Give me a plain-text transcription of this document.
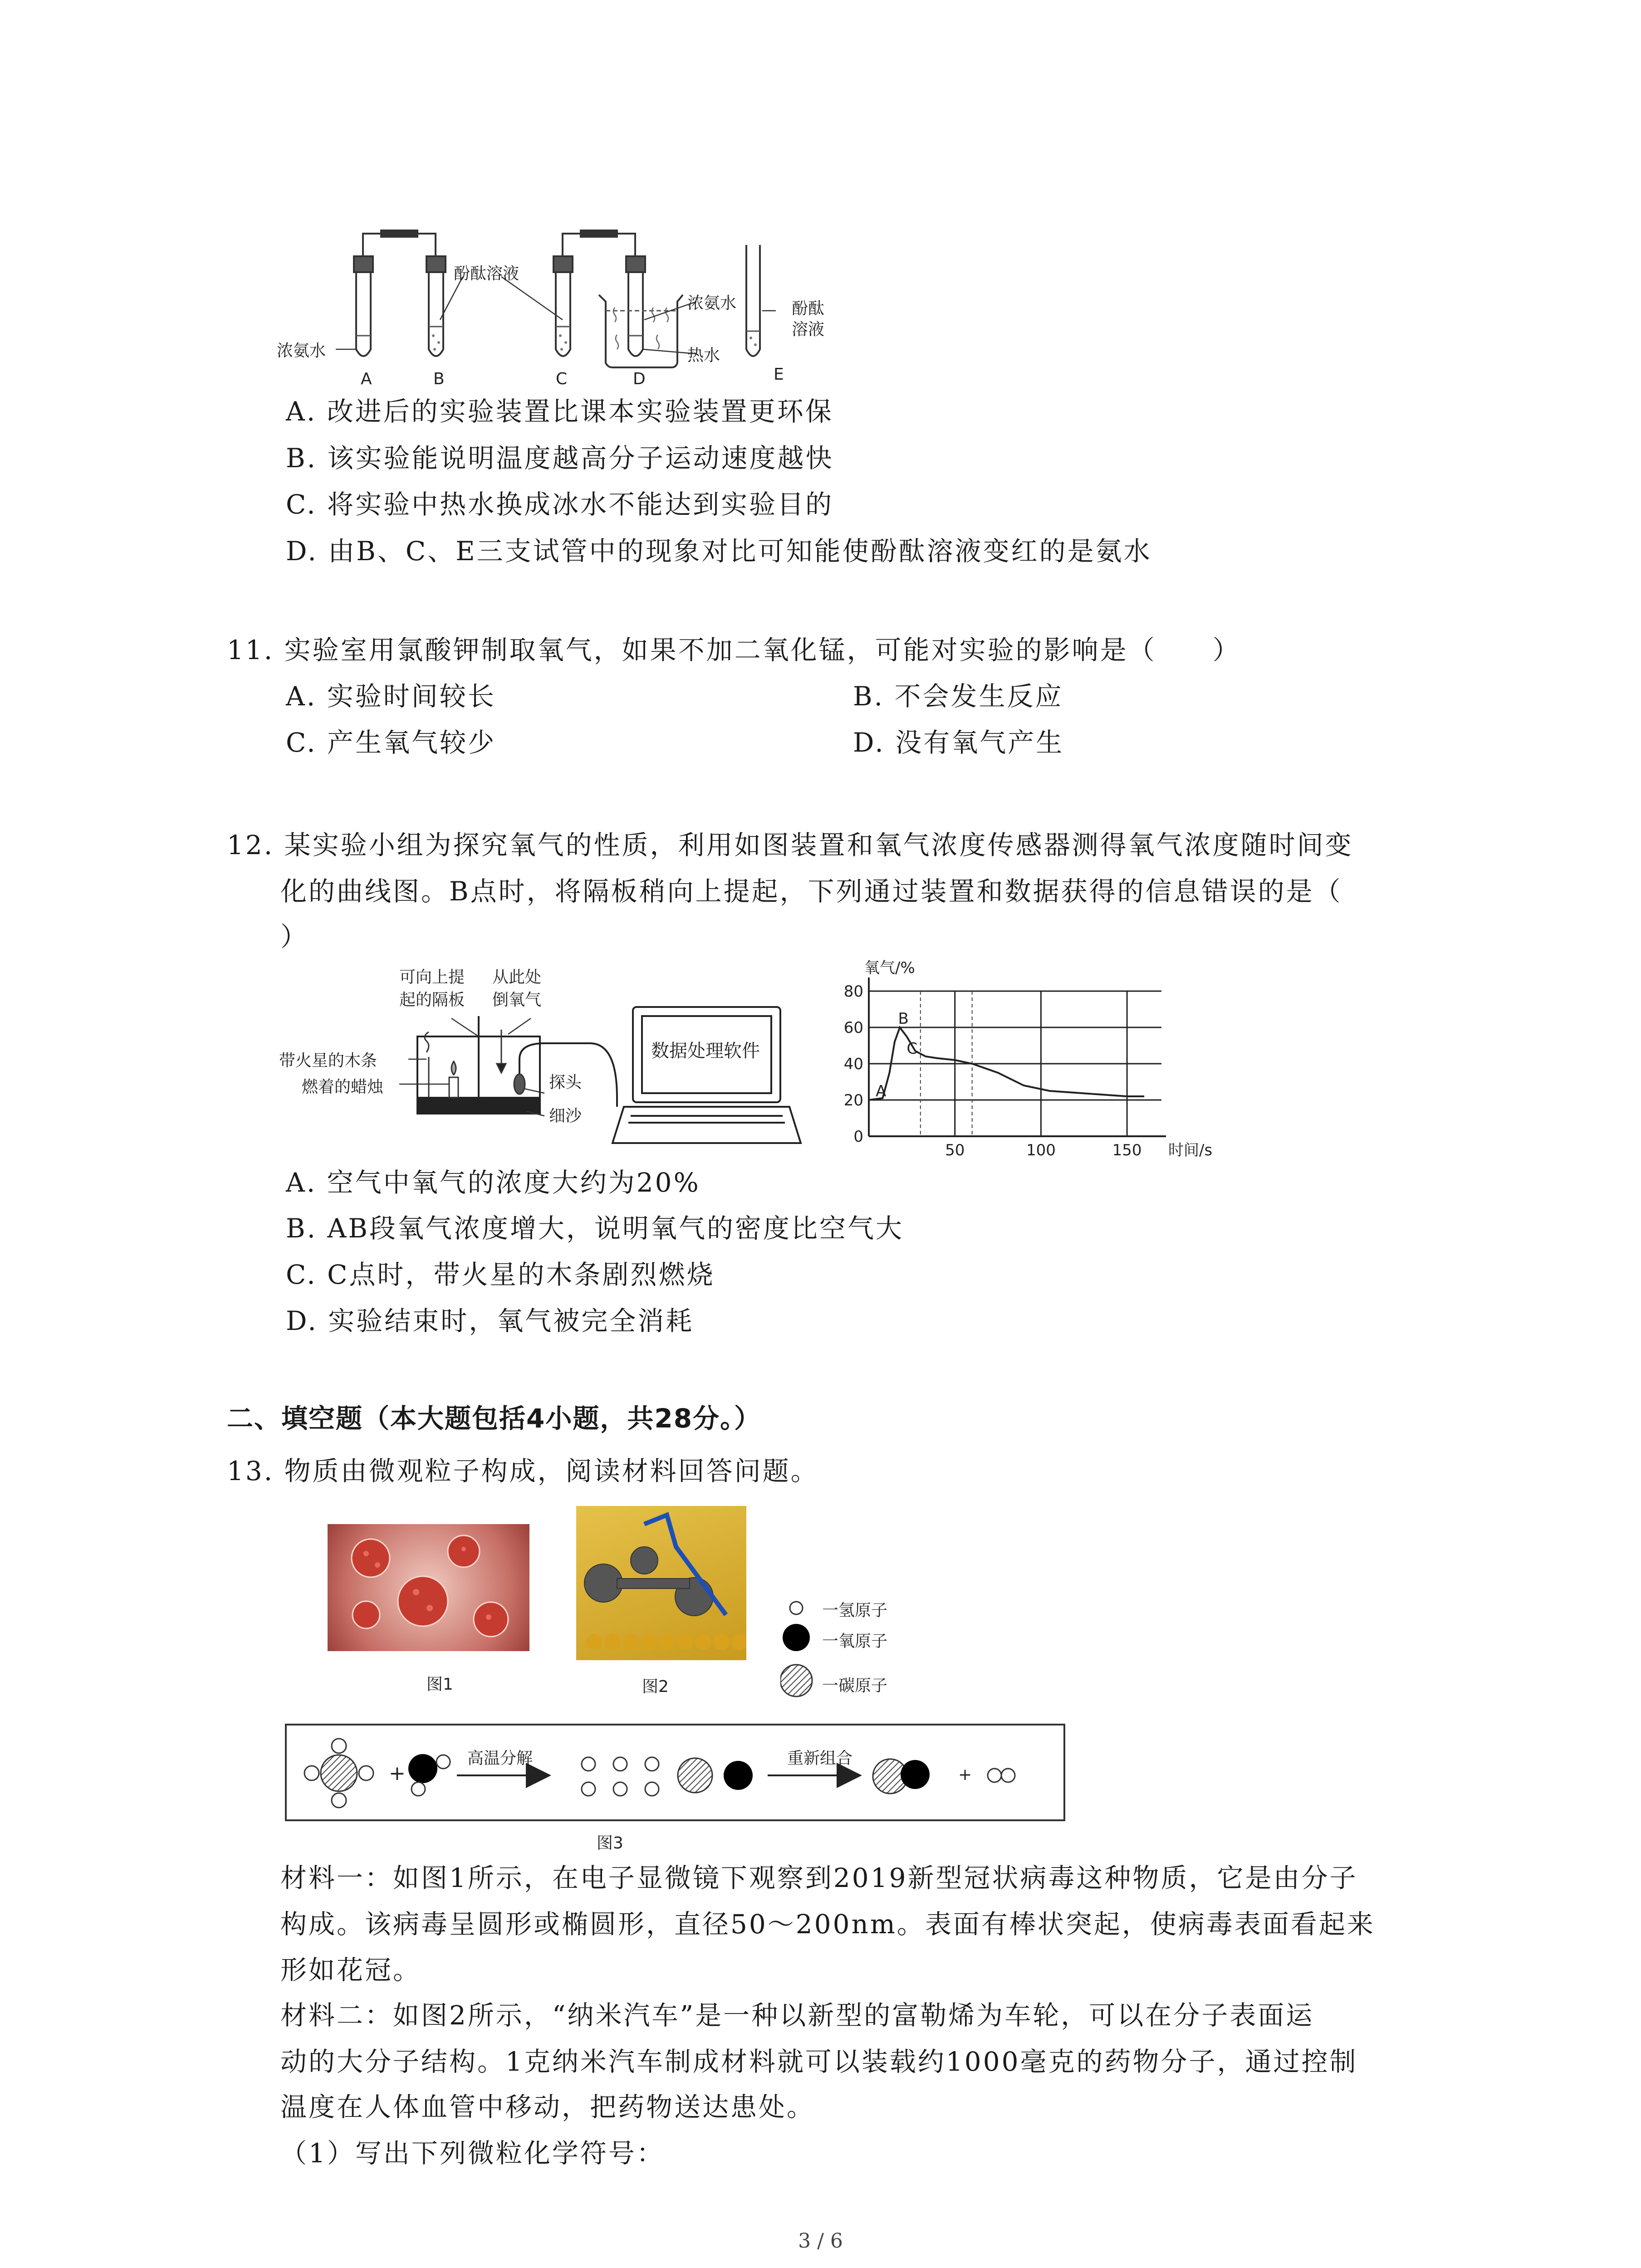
酚酞溶液
浓氨水
浓氨水
热水
酚酞
溶液
A	B	C	D	E
A. 改进后的实验装置比课本实验装置更环保
B. 该实验能说明温度越高分子运动速度越快
C. 将实验中热水换成冰水不能达到实验目的
D. 由B、C、E三支试管中的现象对比可知能使酚酞溶液变红的是氨水
11. 实验室用氯酸钾制取氧气，如果不加二氧化锰，可能对实验的影响是（　　）
A. 实验时间较长	B. 不会发生反应
C. 产生氧气较少	D. 没有氧气产生
12. 某实验小组为探究氧气的性质，利用如图装置和氧气浓度传感器测得氧气浓度随时间变
化的曲线图。B点时，将隔板稍向上提起，下列通过装置和数据获得的信息错误的是（
）
可向上提
起的隔板
从此处
倒氧气
带火星的木条
燃着的蜡烛	探头
细沙
数据处理软件
0
20
40
60
80
50	100	150
氧气/%
时间/s
A
B
C
A. 空气中氧气的浓度大约为20%
B. AB段氧气浓度增大，说明氧气的密度比空气大
C. C点时，带火星的木条剧烈燃烧
D. 实验结束时，氧气被完全消耗
二、填空题（本大题包括4小题，共28分。）
13. 物质由微观粒子构成，阅读材料回答问题。
图1	图2
一氢原子
一氧原子
一碳原子
+	+
高温分解	重新组合
图3
材料一：如图1所示，在电子显微镜下观察到2019新型冠状病毒这种物质，它是由分子
构成。该病毒呈圆形或椭圆形，直径50～200nm。表面有棒状突起，使病毒表面看起来
形如花冠。
材料二：如图2所示，“纳米汽车”是一种以新型的富勒烯为车轮，可以在分子表面运
动的大分子结构。1克纳米汽车制成材料就可以装载约1000毫克的药物分子，通过控制
温度在人体血管中移动，把药物送达患处。
（1）写出下列微粒化学符号：
3 / 6
